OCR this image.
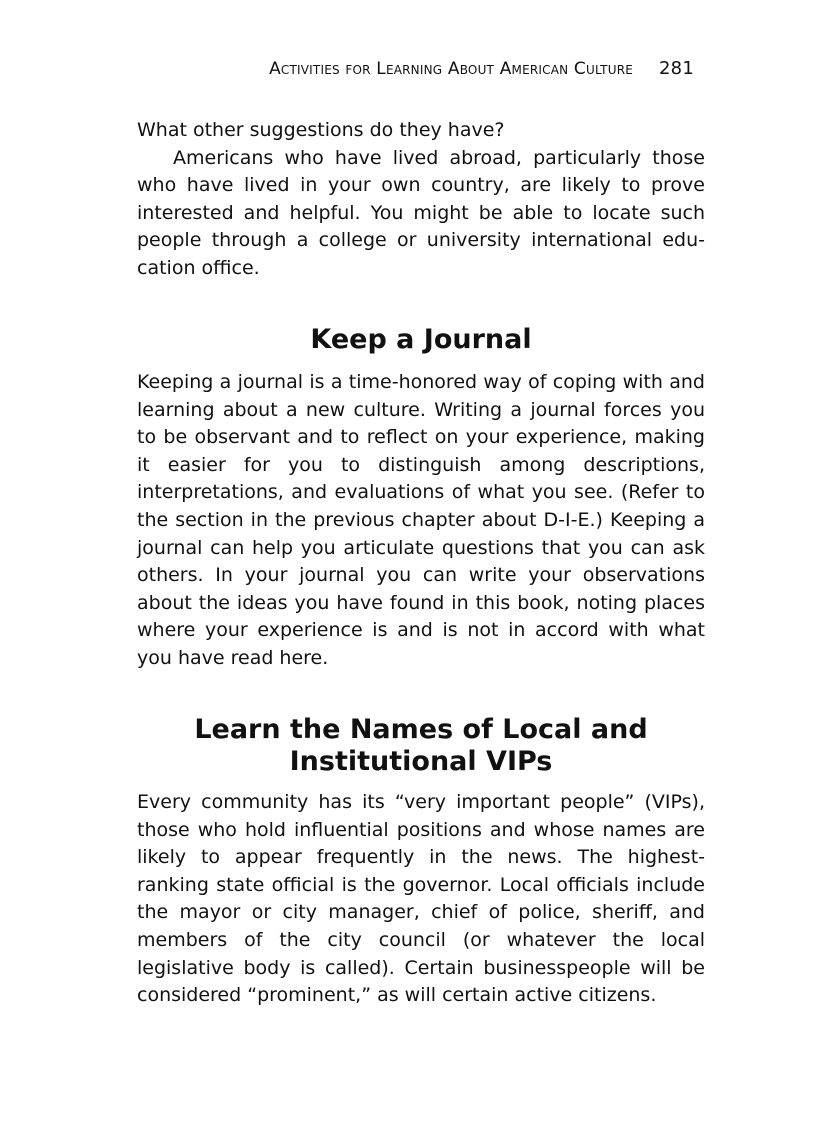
Activities for Learning About American Culture 281

What other suggestions do they have?

Americans who have lived abroad, particularly those who have lived in your own country, are likely to prove interested and helpful. You might be able to locate such people through a college or university international education office.

Keep a Journal

Keeping a journal is a time-honored way of coping with and learning about a new culture. Writing a journal forces you to be observant and to reflect on your experience, making it easier for you to distinguish among descriptions, interpretations, and evaluations of what you see. (Refer to the section in the previous chapter about D-I-E.) Keeping a journal can help you articulate questions that you can ask others. In your journal you can write your observations about the ideas you have found in this book, noting places where your experience is and is not in accord with what you have read here.

Learn the Names of Local and
Institutional VIPs

Every community has its “very important people” (VIPs), those who hold influential positions and whose names are likely to appear frequently in the news. The highest-ranking state official is the governor. Local officials include the mayor or city manager, chief of police, sheriff, and members of the city council (or whatever the local legislative body is called). Certain businesspeople will be considered “prominent,” as will certain active citizens.
